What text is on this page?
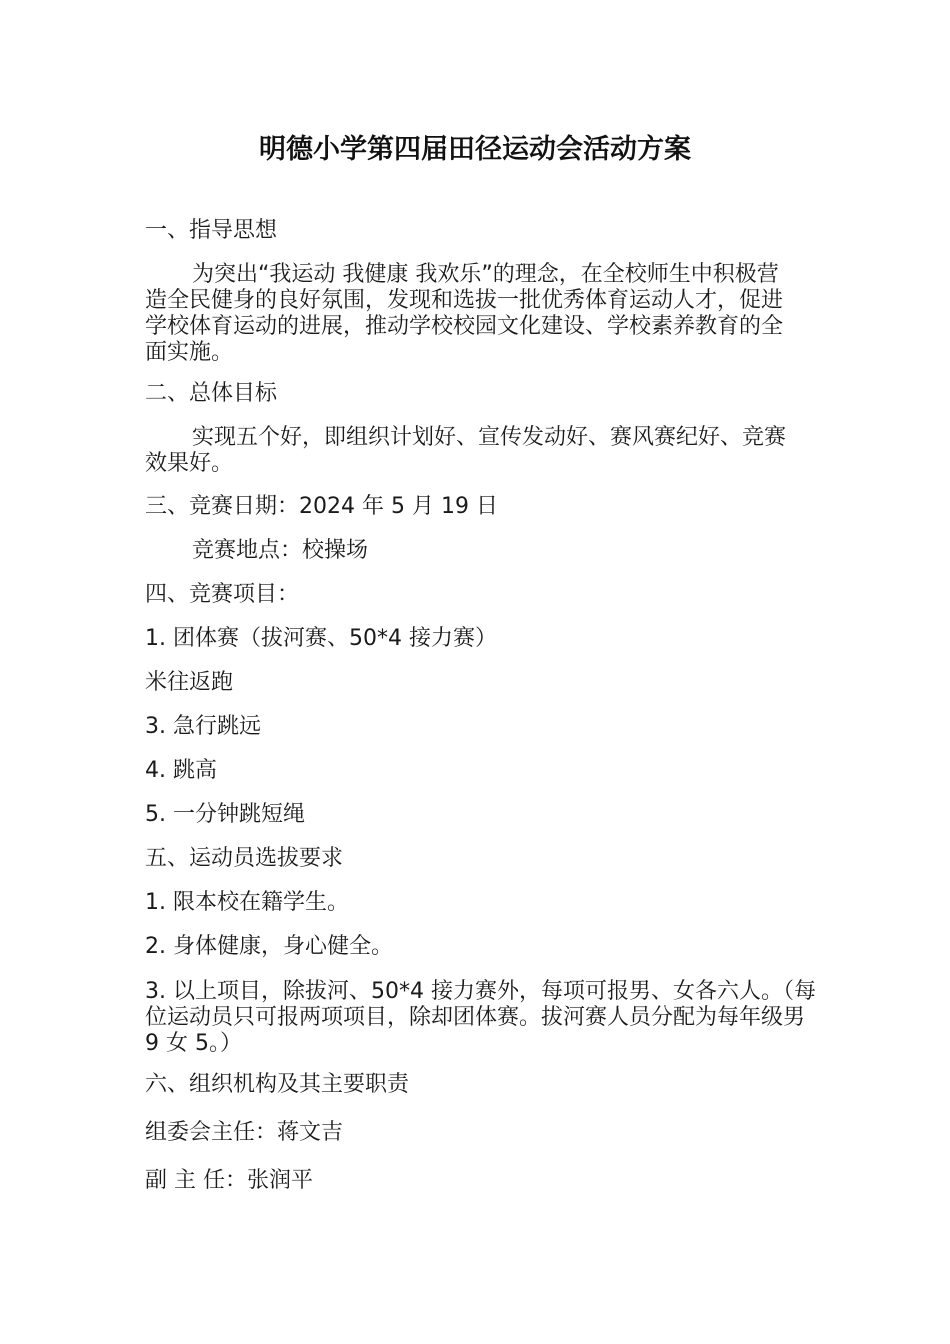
明德小学第四届田径运动会活动方案
一、指导思想
为突出“我运动 我健康 我欢乐”的理念，在全校师生中积极营造全民健身的良好氛围，发现和选拔一批优秀体育运动人才，促进学校体育运动的进展，推动学校校园文化建设、学校素养教育的全面实施。
二、总体目标
实现五个好，即组织计划好、宣传发动好、赛风赛纪好、竞赛效果好。
三、竞赛日期：2024 年 5 月 19 日
竞赛地点：校操场
四、竞赛项目：
1. 团体赛（拔河赛、50*4 接力赛）
米往返跑
3. 急行跳远
4. 跳高
5. 一分钟跳短绳
五、运动员选拔要求
1. 限本校在籍学生。
2. 身体健康，身心健全。
3. 以上项目，除拔河、50*4 接力赛外，每项可报男、女各六人。（每位运动员只可报两项项目，除却团体赛。拔河赛人员分配为每年级男 9 女 5。）
六、组织机构及其主要职责
组委会主任：蒋文吉
副 主 任：张润平
